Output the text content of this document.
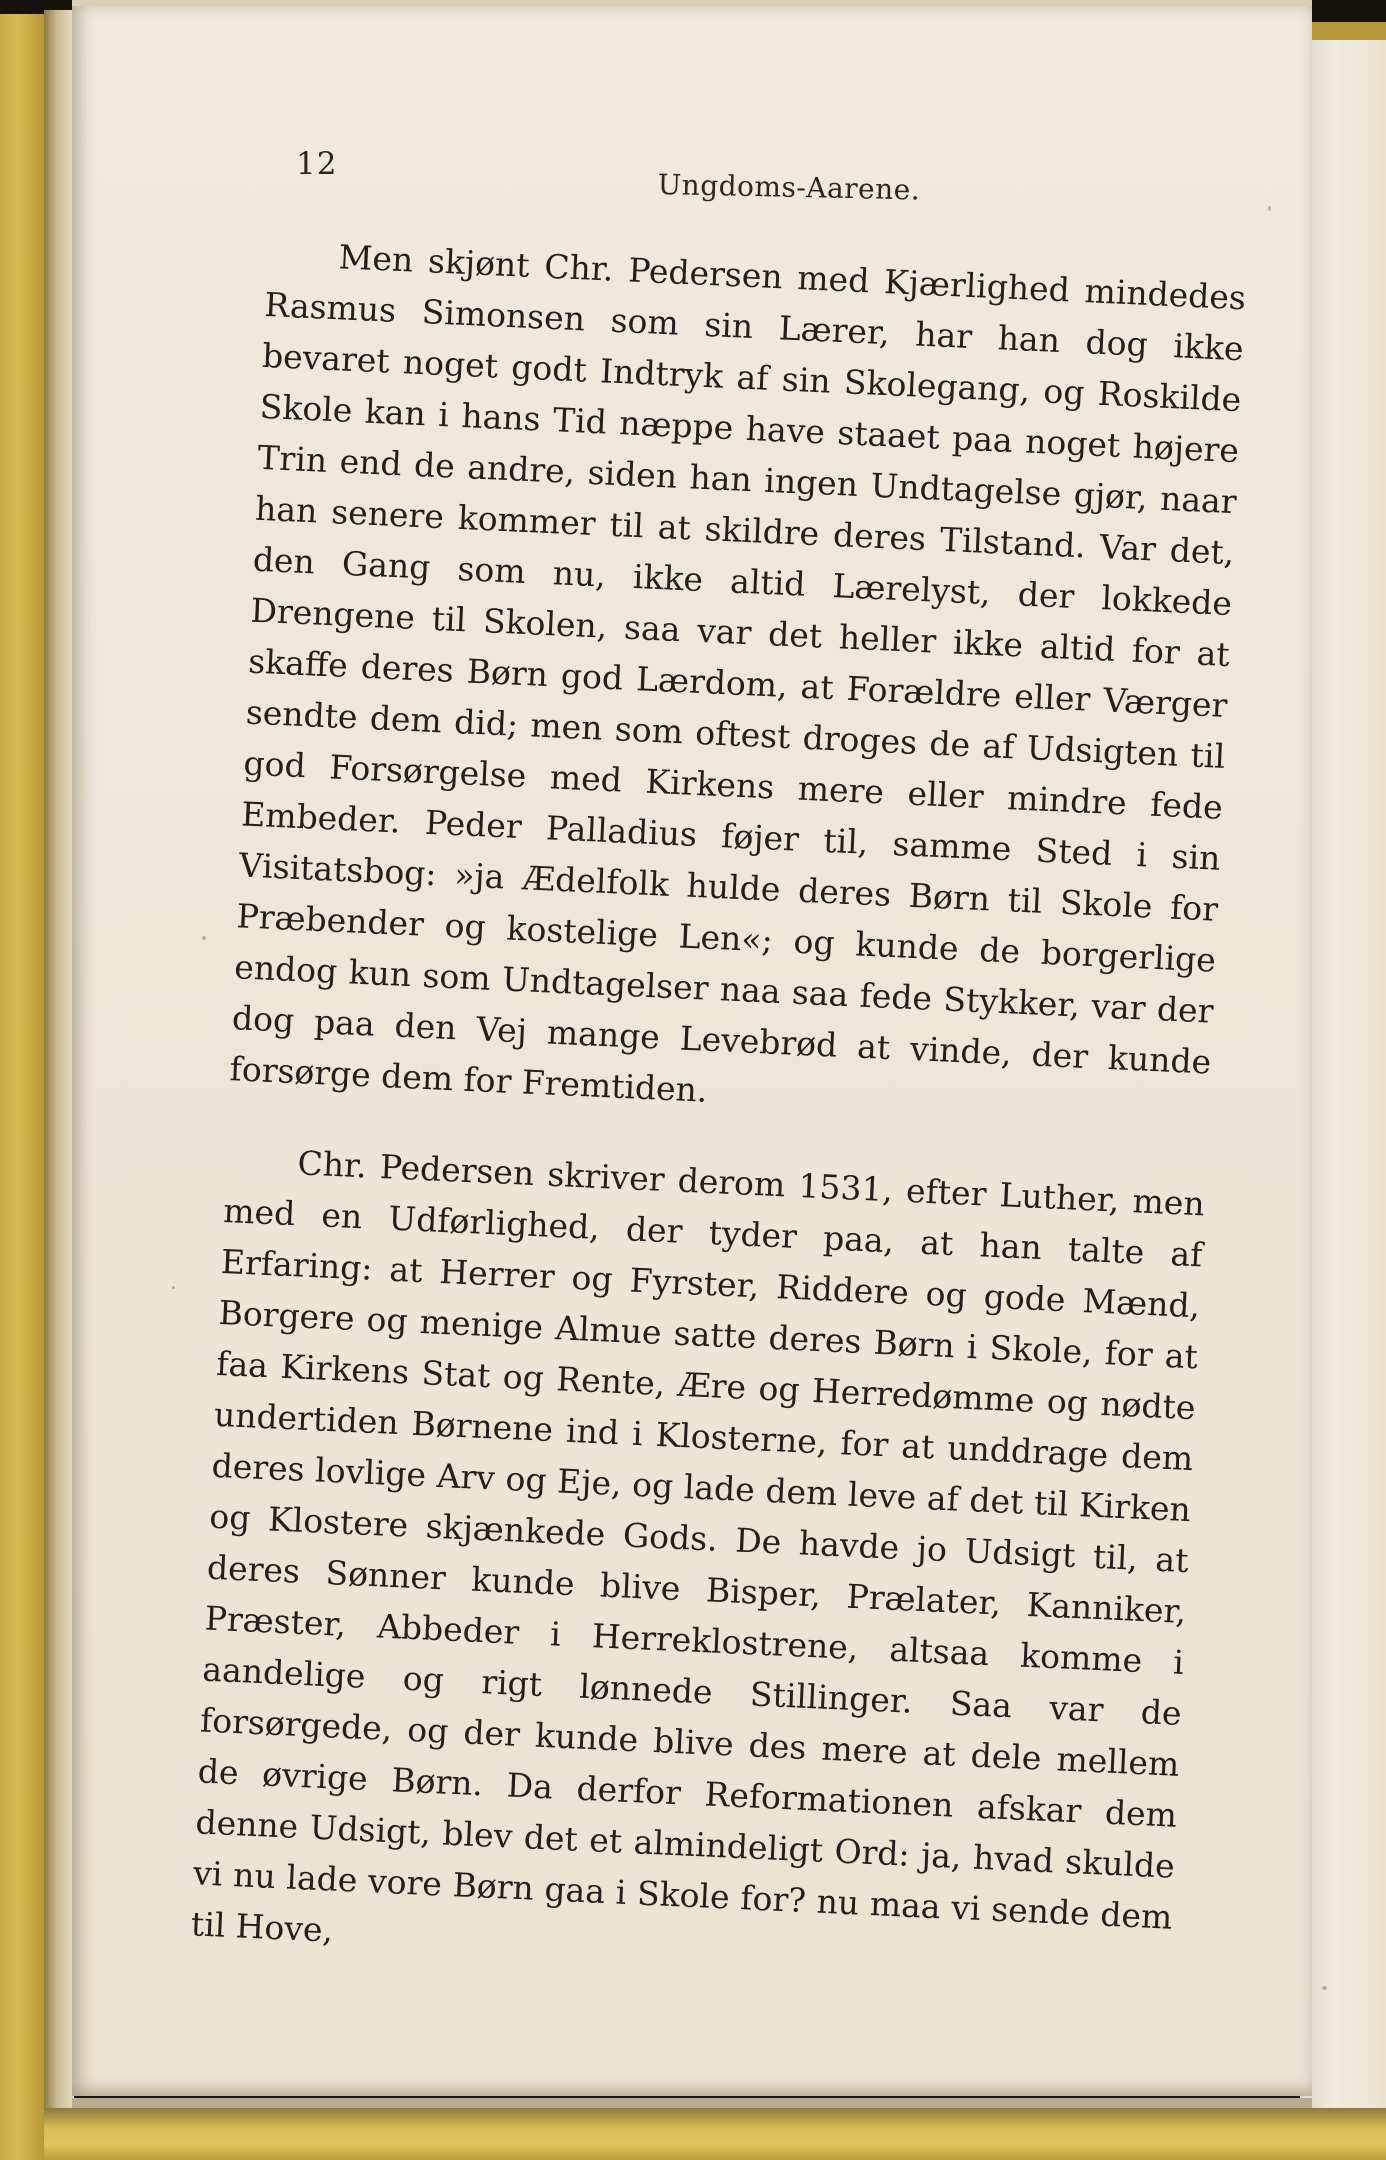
12
Ungdoms-Aarene.

Men skjønt Chr. Pedersen med Kjærlighed mindedes Rasmus Simonsen som sin Lærer, har han dog ikke bevaret noget godt Indtryk af sin Skolegang, og Roskilde Skole kan i hans Tid næppe have staaet paa noget højere Trin end de andre, siden han ingen Undtagelse gjør, naar han senere kommer til at skildre deres Tilstand. Var det, den Gang som nu, ikke altid Lærelyst, der lokkede Drengene til Skolen, saa var det heller ikke altid for at skaffe deres Børn god Lærdom, at Forældre eller Værger sendte dem did; men som oftest droges de af Udsigten til god Forsørgelse med Kirkens mere eller mindre fede Embeder. Peder Palladius føjer til, samme Sted i sin Visitatsbog: »ja Ædelfolk hulde deres Børn til Skole for Præbender og kostelige Len«; og kunde de borgerlige endog kun som Undtagelser naa saa fede Stykker, var der dog paa den Vej mange Levebrød at vinde, der kunde forsørge dem for Fremtiden.

Chr. Pedersen skriver derom 1531, efter Luther, men med en Udførlighed, der tyder paa, at han talte af Erfaring: at Herrer og Fyrster, Riddere og gode Mænd, Borgere og menige Almue satte deres Børn i Skole, for at faa Kirkens Stat og Rente, Ære og Herredømme og nødte undertiden Børnene ind i Klosterne, for at unddrage dem deres lovlige Arv og Eje, og lade dem leve af det til Kirken og Klostere skjænkede Gods. De havde jo Udsigt til, at deres Sønner kunde blive Bisper, Prælater, Kanniker, Præster, Abbeder i Herreklostrene, altsaa komme i aandelige og rigt lønnede Stillinger. Saa var de forsørgede, og der kunde blive des mere at dele mellem de øvrige Børn. Da derfor Reformationen afskar dem denne Udsigt, blev det et almindeligt Ord: ja, hvad skulde vi nu lade vore Børn gaa i Skole for? nu maa vi sende dem til Hove,
